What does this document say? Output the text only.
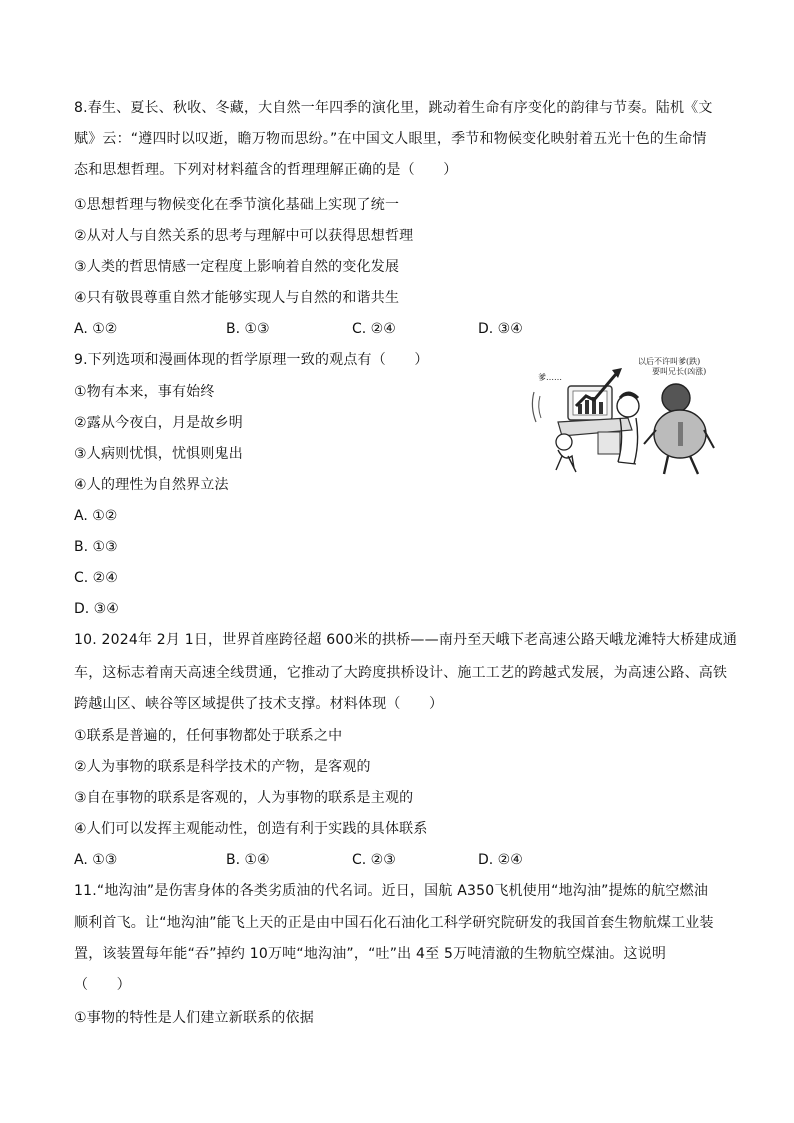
8.春生、夏长、秋收、冬藏，大自然一年四季的演化里，跳动着生命有序变化的韵律与节奏。陆机《文
赋》云：“遵四时以叹逝，瞻万物而思纷。”在中国文人眼里，季节和物候变化映射着五光十色的生命情
态和思想哲理。下列对材料蕴含的哲理理解正确的是（　　）
①思想哲理与物候变化在季节演化基础上实现了统一
②从对人与自然关系的思考与理解中可以获得思想哲理
③人类的哲思情感一定程度上影响着自然的变化发展
④只有敬畏尊重自然才能够实现人与自然的和谐共生
A. ①②	B. ①③	C. ②④	D. ③④
9.下列选项和漫画体现的哲学原理一致的观点有（　　）
①物有本来，事有始终
②露从今夜白，月是故乡明
③人病则忧惧，忧惧则鬼出
④人的理性为自然界立法
A. ①②
B. ①③
C. ②④
D. ③④
以后不许叫爹(跌)
要叫兄长(凶涨)
爹……
10. 2024年 2月 1日，世界首座跨径超 600米的拱桥——南丹至天峨下老高速公路天峨龙滩特大桥建成通
车，这标志着南天高速全线贯通，它推动了大跨度拱桥设计、施工工艺的跨越式发展，为高速公路、高铁
跨越山区、峡谷等区域提供了技术支撑。材料体现（　　）
①联系是普遍的，任何事物都处于联系之中
②人为事物的联系是科学技术的产物，是客观的
③自在事物的联系是客观的，人为事物的联系是主观的
④人们可以发挥主观能动性，创造有利于实践的具体联系
A. ①③	B. ①④	C. ②③	D. ②④
11.“地沟油”是伤害身体的各类劣质油的代名词。近日，国航 A350飞机使用“地沟油”提炼的航空燃油
顺利首飞。让“地沟油”能飞上天的正是由中国石化石油化工科学研究院研发的我国首套生物航煤工业装
置，该装置每年能“吞”掉约 10万吨“地沟油”，“吐”出 4至 5万吨清澈的生物航空煤油。这说明
（　　）
①事物的特性是人们建立新联系的依据
